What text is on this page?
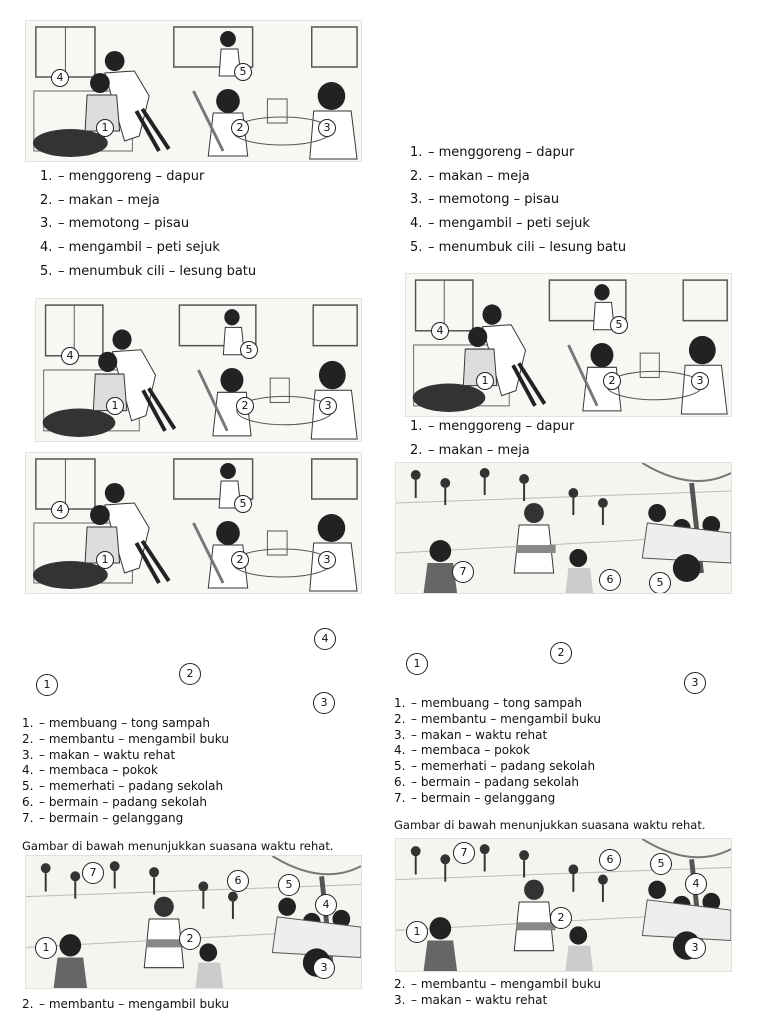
4	5
1	2	3
4	5
1	2	3
4	5
1	2	3
4	5
1	2	3
1. – menggoreng – dapur
2. – makan – meja
3. – memotong – pisau
4. – mengambil – peti sejuk
5. – menumbuk cili – lesung batu
1. – menggoreng – dapur
2. – makan – meja
3. – memotong – pisau
4. – mengambil – peti sejuk
5. – menumbuk cili – lesung batu
1. – menggoreng – dapur
2. – makan – meja
7
6	5
7
6	5
4
2
1
3
7
6	5
4
2
1
3
4
2
1
3
2
1
3
1. – membuang – tong sampah
2. – membantu – mengambil buku
3. – makan – waktu rehat
4. – membaca – pokok
5. – memerhati – padang sekolah
6. – bermain – padang sekolah
7. – bermain – gelanggang
1. – membuang – tong sampah
2. – membantu – mengambil buku
3. – makan – waktu rehat
4. – membaca – pokok
5. – memerhati – padang sekolah
6. – bermain – padang sekolah
7. – bermain – gelanggang
Gambar di bawah menunjukkan suasana waktu rehat.
Gambar di bawah menunjukkan suasana waktu rehat.
2. – membantu – mengambil buku
2. – membantu – mengambil buku
3. – makan – waktu rehat
